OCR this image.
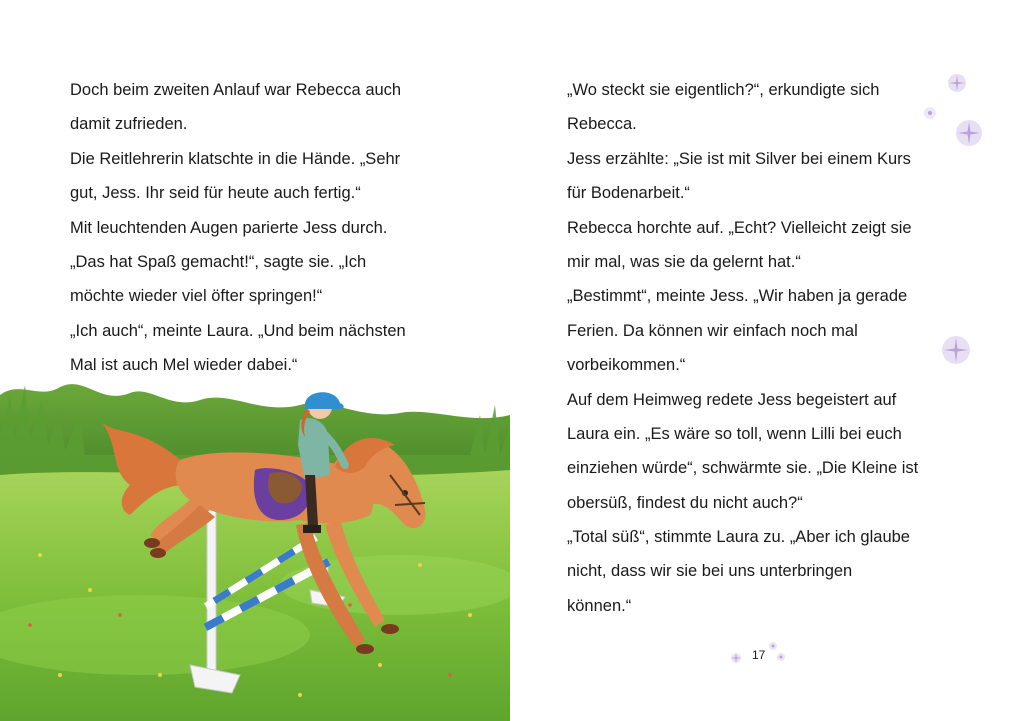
Doch beim zweiten Anlauf war Rebecca auch
damit zufrieden.
Die Reitlehrerin klatschte in die Hände. „Sehr
gut, Jess. Ihr seid für heute auch fertig.“
Mit leuchtenden Augen parierte Jess durch.
„Das hat Spaß gemacht!“, sagte sie. „Ich
möchte wieder viel öfter springen!“
„Ich auch“, meinte Laura. „Und beim nächsten
Mal ist auch Mel wieder dabei.“
„Wo steckt sie eigentlich?“, erkundigte sich
Rebecca.
Jess erzählte: „Sie ist mit Silver bei einem Kurs
für Bodenarbeit.“
Rebecca horchte auf. „Echt? Vielleicht zeigt sie
mir mal, was sie da gelernt hat.“
„Bestimmt“, meinte Jess. „Wir haben ja gerade
Ferien. Da können wir einfach noch mal
vorbeikommen.“
Auf dem Heimweg redete Jess begeistert auf
Laura ein. „Es wäre so toll, wenn Lilli bei euch
einziehen würde“, schwärmte sie. „Die Kleine ist
obersüß, findest du nicht auch?“
„Total süß“, stimmte Laura zu. „Aber ich glaube
nicht, dass wir sie bei uns unterbringen
können.“
17
